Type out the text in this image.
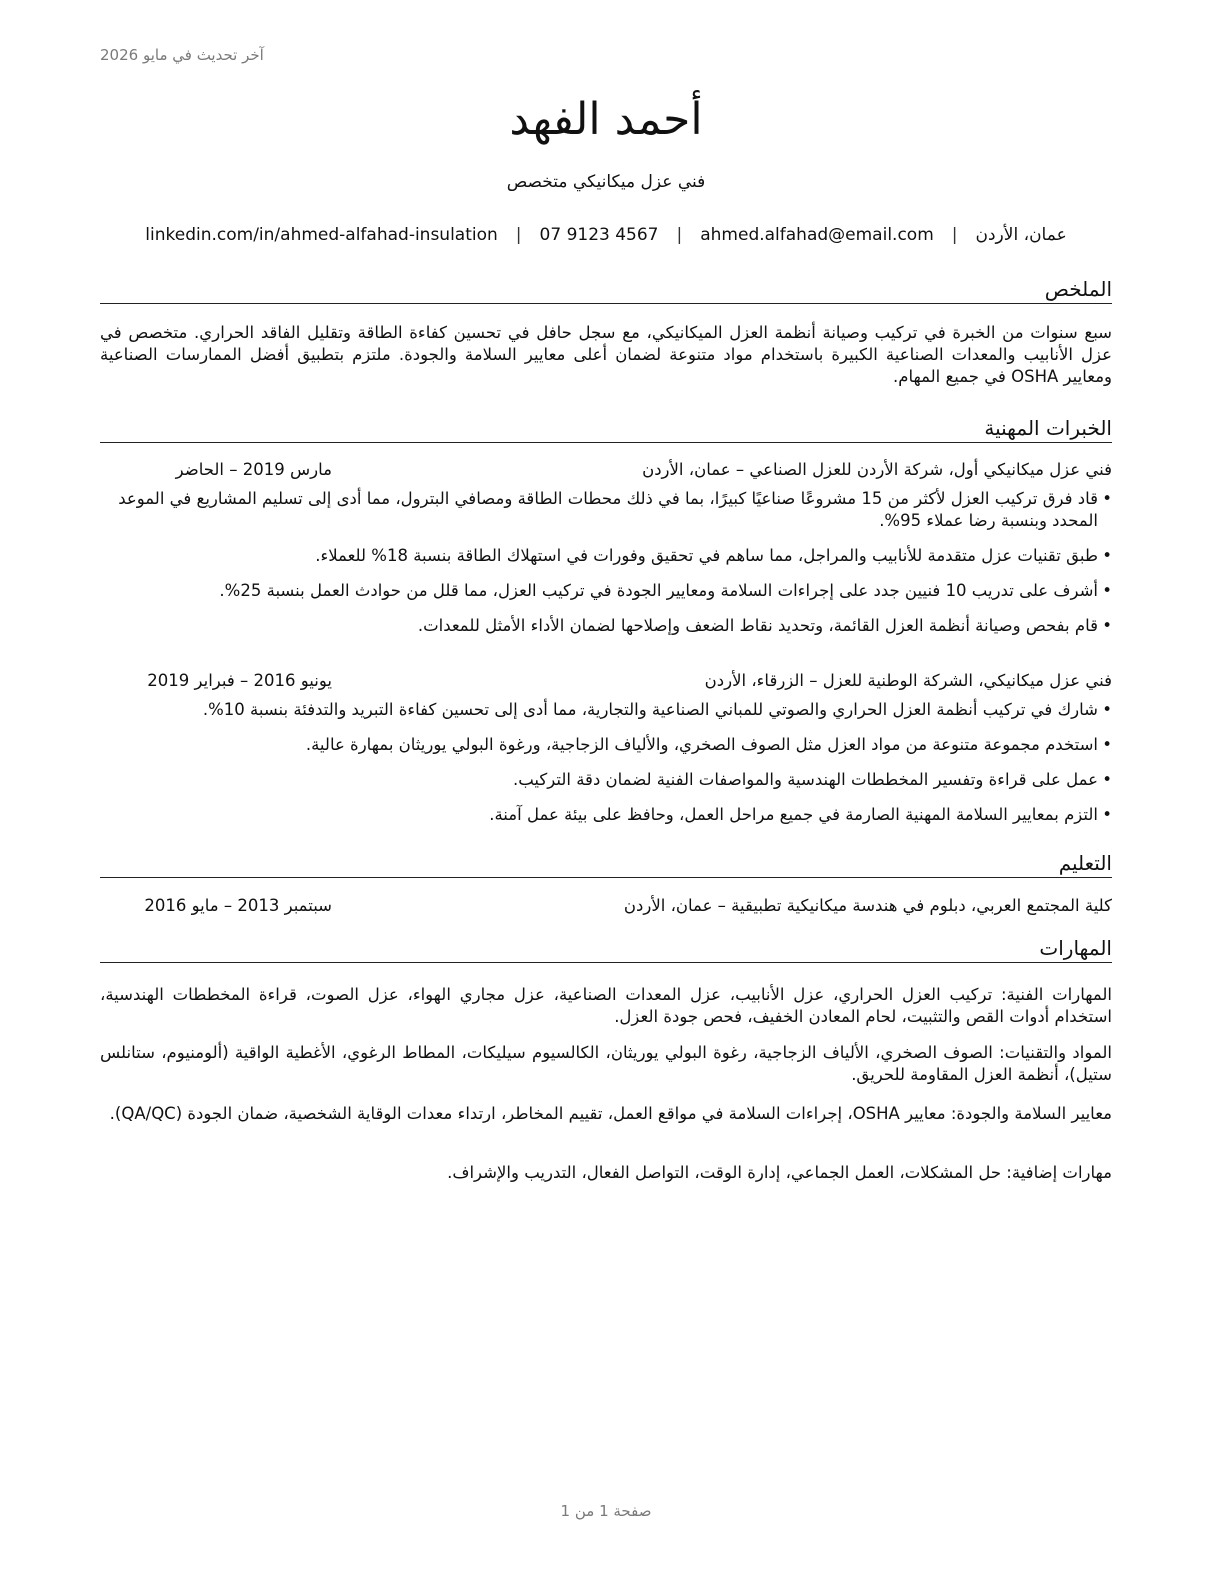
آخر تحديث في مايو 2026
أحمد الفهد
فني عزل ميكانيكي متخصص
عمان، الأردن
|
ahmed.alfahad@email.com
|
07 9123 4567
|
linkedin.com/in/ahmed-alfahad-insulation
الملخص
سبع سنوات من الخبرة في تركيب وصيانة أنظمة العزل الميكانيكي، مع سجل حافل في تحسين كفاءة الطاقة وتقليل الفاقد الحراري. متخصص في عزل الأنابيب والمعدات الصناعية الكبيرة باستخدام مواد متنوعة لضمان أعلى معايير السلامة والجودة. ملتزم بتطبيق أفضل الممارسات الصناعية ومعايير OSHA في جميع المهام.
الخبرات المهنية
فني عزل ميكانيكي أول، شركة الأردن للعزل الصناعي – عمان، الأردن
مارس 2019 – الحاضر
• قاد فرق تركيب العزل لأكثر من 15 مشروعًا صناعيًا كبيرًا، بما في ذلك محطات الطاقة ومصافي البترول، مما أدى إلى تسليم المشاريع في الموعد المحدد وبنسبة رضا عملاء 95%.
• طبق تقنيات عزل متقدمة للأنابيب والمراجل، مما ساهم في تحقيق وفورات في استهلاك الطاقة بنسبة 18% للعملاء.
• أشرف على تدريب 10 فنيين جدد على إجراءات السلامة ومعايير الجودة في تركيب العزل، مما قلل من حوادث العمل بنسبة 25%.
• قام بفحص وصيانة أنظمة العزل القائمة، وتحديد نقاط الضعف وإصلاحها لضمان الأداء الأمثل للمعدات.
فني عزل ميكانيكي، الشركة الوطنية للعزل – الزرقاء، الأردن
يونيو 2016 – فبراير 2019
• شارك في تركيب أنظمة العزل الحراري والصوتي للمباني الصناعية والتجارية، مما أدى إلى تحسين كفاءة التبريد والتدفئة بنسبة 10%.
• استخدم مجموعة متنوعة من مواد العزل مثل الصوف الصخري، والألياف الزجاجية، ورغوة البولي يوريثان بمهارة عالية.
• عمل على قراءة وتفسير المخططات الهندسية والمواصفات الفنية لضمان دقة التركيب.
• التزم بمعايير السلامة المهنية الصارمة في جميع مراحل العمل، وحافظ على بيئة عمل آمنة.
التعليم
كلية المجتمع العربي، دبلوم في هندسة ميكانيكية تطبيقية – عمان، الأردن
سبتمبر 2013 – مايو 2016
المهارات
المهارات الفنية: تركيب العزل الحراري، عزل الأنابيب، عزل المعدات الصناعية، عزل مجاري الهواء، عزل الصوت، قراءة المخططات الهندسية، استخدام أدوات القص والتثبيت، لحام المعادن الخفيف، فحص جودة العزل.
المواد والتقنيات: الصوف الصخري، الألياف الزجاجية، رغوة البولي يوريثان، الكالسيوم سيليكات، المطاط الرغوي، الأغطية الواقية (ألومنيوم، ستانلس ستيل)، أنظمة العزل المقاومة للحريق.
معايير السلامة والجودة: معايير OSHA، إجراءات السلامة في مواقع العمل، تقييم المخاطر، ارتداء معدات الوقاية الشخصية، ضمان الجودة (QA/QC).
مهارات إضافية: حل المشكلات، العمل الجماعي، إدارة الوقت، التواصل الفعال، التدريب والإشراف.
صفحة 1 من 1
